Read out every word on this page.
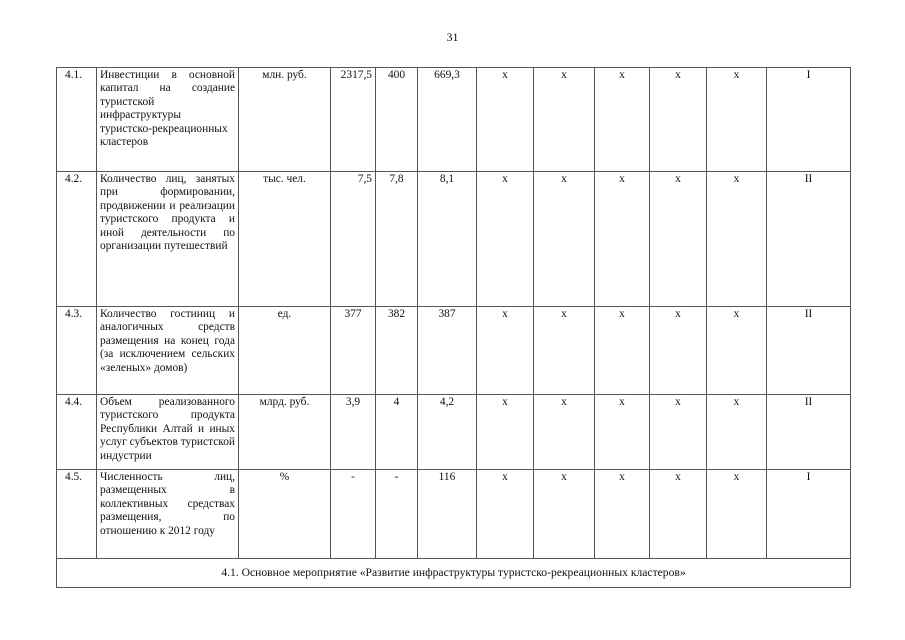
31
4.1.	Инвестиции в основной капитал на создание туристской инфраструктуры туристско-рекреационных кластеров	млн. руб.	2317,5	400	669,3	х	х	х	х	х	I
4.2.	Количество лиц, занятых при формировании, продвижении и реализации туристского продукта и иной деятельности по организации путешествий	тыс. чел.	7,5	7,8	8,1	х	х	х	х	х	II
4.3.	Количество гостиниц и аналогичных средств размещения на конец года (за исключением сельских «зеленых» домов)	ед.	377	382	387	х	х	х	х	х	II
4.4.	Объем реализованного туристского продукта Республики Алтай и иных услуг субъектов туристской индустрии	млрд. руб.	3,9	4	4,2	х	х	х	х	х	II
4.5.	Численность лиц, размещенных в коллективных средствах размещения, по отношению к 2012 году	%	-	-	116	х	х	х	х	х	I
4.1. Основное мероприятие «Развитие инфраструктуры туристско-рекреационных кластеров»											
